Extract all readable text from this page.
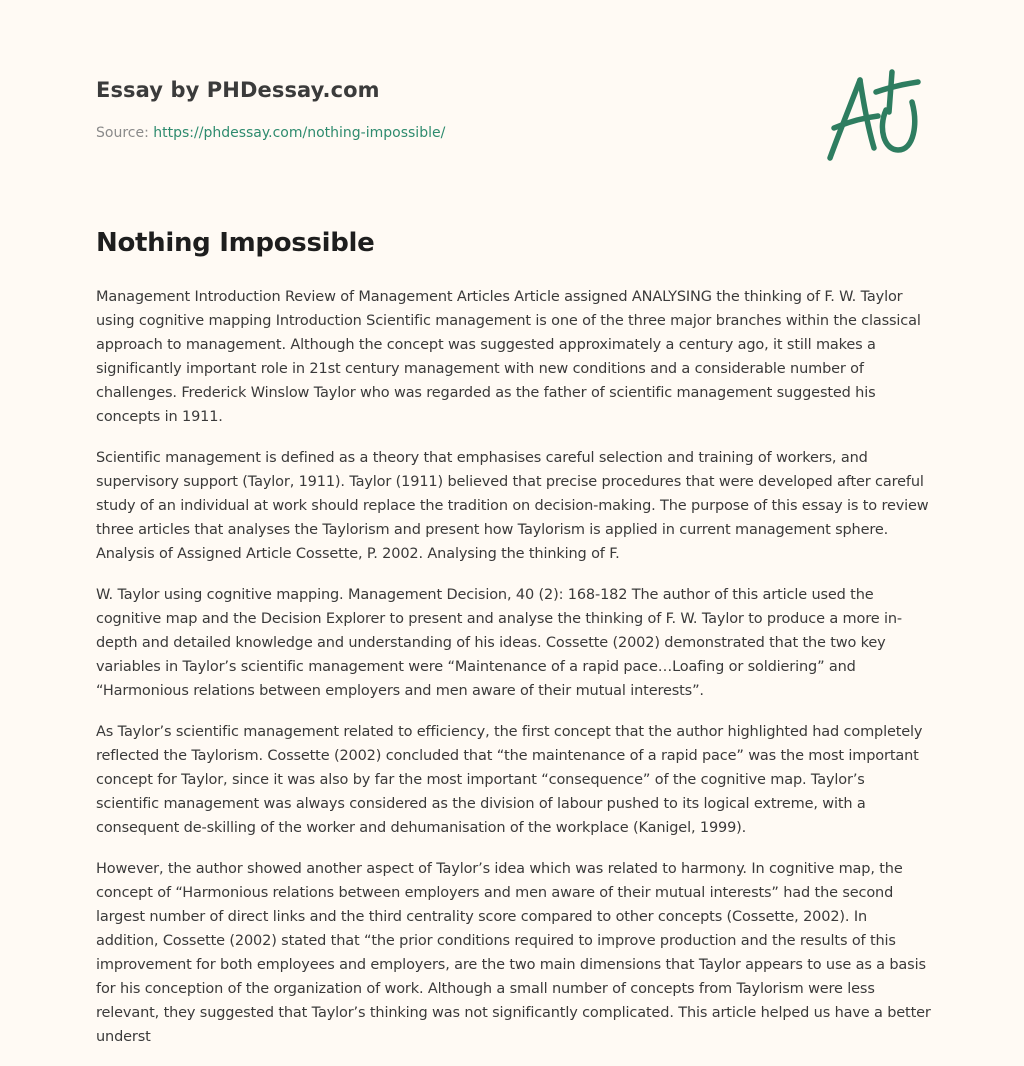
Essay by PHDessay.com
Source: https://phdessay.com/nothing-impossible/
Nothing Impossible

Management Introduction Review of Management Articles Article assigned ANALYSING the thinking of F. W. Taylor using cognitive mapping Introduction Scientific management is one of the three major branches within the classical approach to management. Although the concept was suggested approximately a century ago, it still makes a significantly important role in 21st century management with new conditions and a considerable number of challenges. Frederick Winslow Taylor who was regarded as the father of scientific management suggested his concepts in 1911.

Scientific management is defined as a theory that emphasises careful selection and training of workers, and supervisory support (Taylor, 1911). Taylor (1911) believed that precise procedures that were developed after careful study of an individual at work should replace the tradition on decision-making. The purpose of this essay is to review three articles that analyses the Taylorism and present how Taylorism is applied in current management sphere. Analysis of Assigned Article Cossette, P. 2002. Analysing the thinking of F.

W. Taylor using cognitive mapping. Management Decision, 40 (2): 168-182 The author of this article used the cognitive map and the Decision Explorer to present and analyse the thinking of F. W. Taylor to produce a more in-depth and detailed knowledge and understanding of his ideas. Cossette (2002) demonstrated that the two key variables in Taylor’s scientific management were “Maintenance of a rapid pace…Loafing or soldiering” and “Harmonious relations between employers and men aware of their mutual interests”.

As Taylor’s scientific management related to efficiency, the first concept that the author highlighted had completely reflected the Taylorism. Cossette (2002) concluded that “the maintenance of a rapid pace” was the most important concept for Taylor, since it was also by far the most important “consequence” of the cognitive map. Taylor’s scientific management was always considered as the division of labour pushed to its logical extreme, with a consequent de-skilling of the worker and dehumanisation of the workplace (Kanigel, 1999).

However, the author showed another aspect of Taylor’s idea which was related to harmony. In cognitive map, the concept of “Harmonious relations between employers and men aware of their mutual interests” had the second largest number of direct links and the third centrality score compared to other concepts (Cossette, 2002). In addition, Cossette (2002) stated that “the prior conditions required to improve production and the results of this improvement for both employees and employers, are the two main dimensions that Taylor appears to use as a basis for his conception of the organization of work. Although a small number of concepts from Taylorism were less relevant, they suggested that Taylor’s thinking was not significantly complicated. This article helped us have a better underst
